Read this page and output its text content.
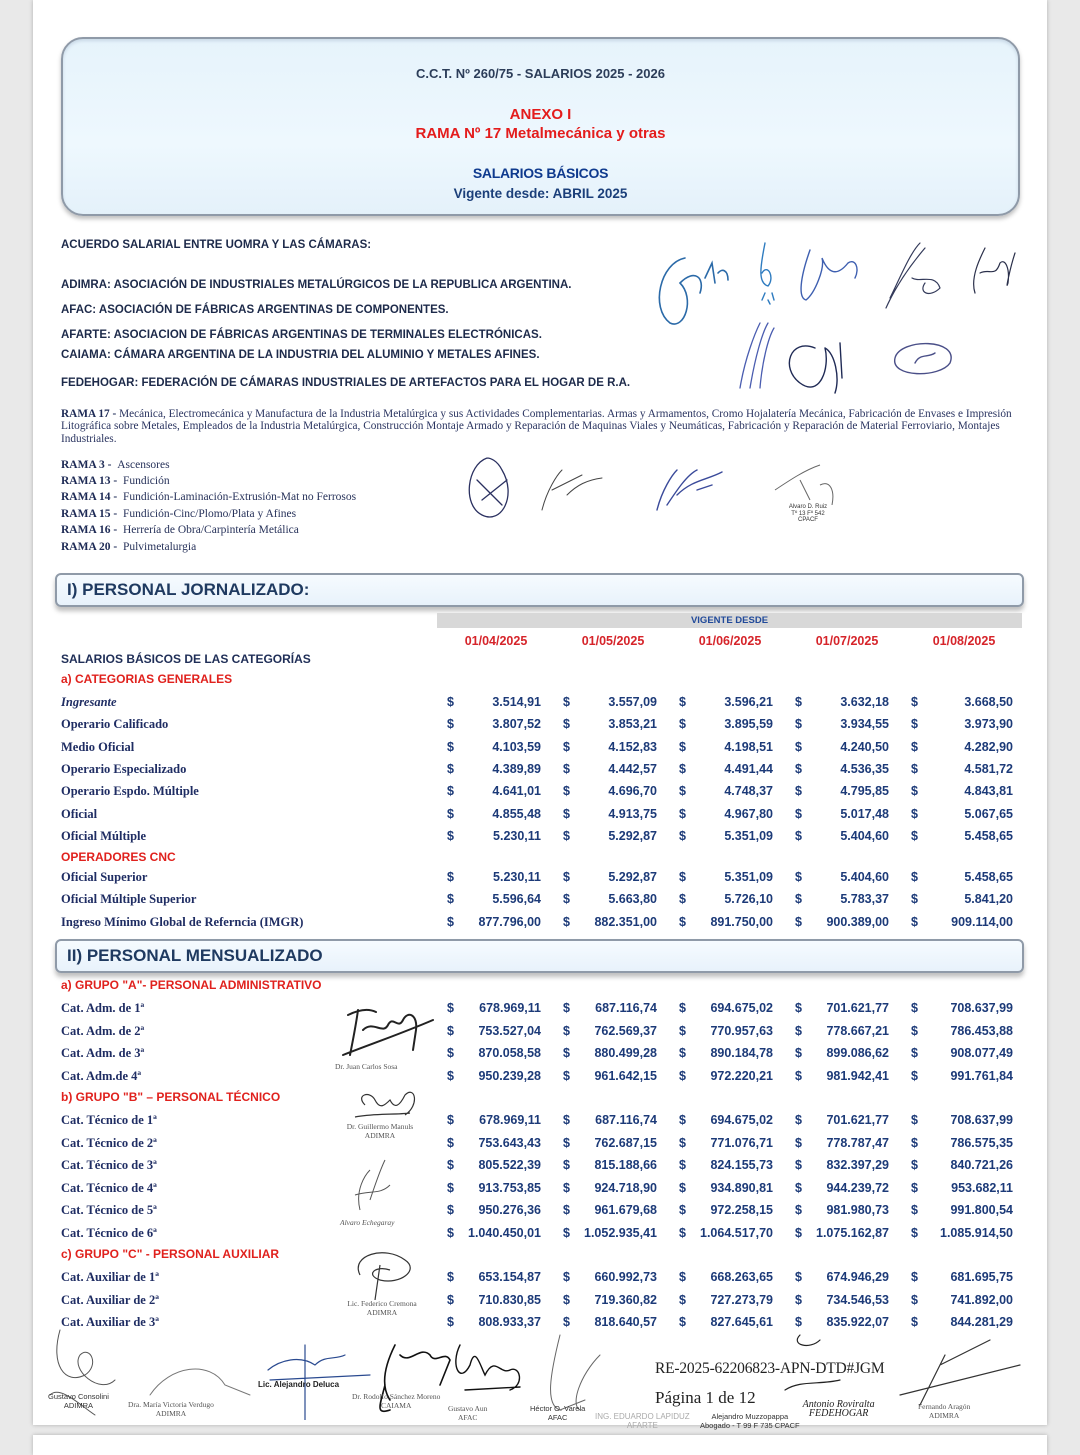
C.C.T. Nº 260/75 - SALARIOS 2025 - 2026
ANEXO I
RAMA Nº 17 Metalmecánica y otras
SALARIOS BÁSICOS
Vigente desde: ABRIL 2025
ACUERDO SALARIAL ENTRE UOMRA Y LAS CÁMARAS:
ADIMRA: ASOCIACIÓN DE INDUSTRIALES METALÚRGICOS DE LA REPUBLICA ARGENTINA.
AFAC: ASOCIACIÓN DE FÁBRICAS ARGENTINAS DE COMPONENTES.
AFARTE: ASOCIACION DE FÁBRICAS ARGENTINAS DE TERMINALES ELECTRÓNICAS.
CAIAMA: CÁMARA ARGENTINA DE LA INDUSTRIA DEL ALUMINIO Y METALES AFINES.
FEDEHOGAR: FEDERACIÓN DE CÁMARAS INDUSTRIALES DE ARTEFACTOS PARA EL HOGAR DE R.A.
RAMA 17 - Mecánica, Electromecánica y Manufactura de la Industria Metalúrgica y sus Actividades Complementarias. Armas y Armamentos, Cromo Hojalatería Mecánica, Fabricación de Envases e Impresión Litográfica sobre Metales, Empleados de la Industria Metalúrgica, Construcción Montaje Armado y Reparación de Maquinas Viales y Neumáticas, Fabricación y Reparación de Material Ferroviario, Montajes Industriales.
RAMA 3 - Ascensores
RAMA 13 - Fundición
RAMA 14 - Fundición-Laminación-Extrusión-Mat no Ferrosos
RAMA 15 - Fundición-Cinc/Plomo/Plata y Afines
RAMA 16 - Herrería de Obra/Carpintería Metálica
RAMA 20 - Pulvimetalurgia
Alvaro D. Ruiz
Tº 13 Fº 542
CPACF
I) PERSONAL JORNALIZADO:
VIGENTE DESDE
01/04/2025	01/05/2025	01/06/2025	01/07/2025	01/08/2025
SALARIOS BÁSICOS DE LAS CATEGORÍAS
a) CATEGORIAS GENERALES
Ingresante	$	3.514,91 $	3.557,09 $	3.596,21 $	3.632,18 $	3.668,50
Operario Calificado	$	3.807,52 $	3.853,21 $	3.895,59 $	3.934,55 $	3.973,90
Medio Oficial	$	4.103,59 $	4.152,83 $	4.198,51 $	4.240,50 $	4.282,90
Operario Especializado	$	4.389,89 $	4.442,57 $	4.491,44 $	4.536,35 $	4.581,72
Operario Espdo. Múltiple	$	4.641,01 $	4.696,70 $	4.748,37 $	4.795,85 $	4.843,81
Oficial	$	4.855,48 $	4.913,75 $	4.967,80 $	5.017,48 $	5.067,65
Oficial Múltiple	$	5.230,11 $	5.292,87 $	5.351,09 $	5.404,60 $	5.458,65
OPERADORES CNC
Oficial Superior	$	5.230,11 $	5.292,87 $	5.351,09 $	5.404,60 $	5.458,65
Oficial Múltiple Superior	$	5.596,64 $	5.663,80 $	5.726,10 $	5.783,37 $	5.841,20
Ingreso Mínimo Global de Referncia (IMGR)	$	877.796,00 $	882.351,00 $	891.750,00 $	900.389,00 $	909.114,00
II) PERSONAL MENSUALIZADO
a) GRUPO "A"- PERSONAL ADMINISTRATIVO
Cat. Adm. de 1ª	$	678.969,11 $	687.116,74 $	694.675,02 $	701.621,77 $	708.637,99
Cat. Adm. de 2ª	$	753.527,04 $	762.569,37 $	770.957,63 $	778.667,21 $	786.453,88
Cat. Adm. de 3ª	$	870.058,58 $	880.499,28 $	890.184,78 $	899.086,62 $	908.077,49
Cat. Adm.de 4ª	$	950.239,28 $	961.642,15 $	972.220,21 $	981.942,41 $	991.761,84
b) GRUPO "B" – PERSONAL TÉCNICO
Cat. Técnico de 1ª	$	678.969,11 $	687.116,74 $	694.675,02 $	701.621,77 $	708.637,99
Cat. Técnico de 2ª	$	753.643,43 $	762.687,15 $	771.076,71 $	778.787,47 $	786.575,35
Cat. Técnico de 3ª	$	805.522,39 $	815.188,66 $	824.155,73 $	832.397,29 $	840.721,26
Cat. Técnico de 4ª	$	913.753,85 $	924.718,90 $	934.890,81 $	944.239,72 $	953.682,11
Cat. Técnico de 5ª	$	950.276,36 $	961.679,68 $	972.258,15 $	981.980,73 $	991.800,54
Cat. Técnico de 6ª	$	1.040.450,01 $	1.052.935,41 $	1.064.517,70 $	1.075.162,87 $	1.085.914,50
c) GRUPO "C" - PERSONAL AUXILIAR
Cat. Auxiliar de 1ª	$	653.154,87 $	660.992,73 $	668.263,65 $	674.946,29 $	681.695,75
Cat. Auxiliar de 2ª	$	710.830,85 $	719.360,82 $	727.273,79 $	734.546,53 $	741.892,00
Cat. Auxiliar de 3ª	$	808.933,37 $	818.640,57 $	827.645,61 $	835.922,07 $	844.281,29
Dr. Juan Carlos Sosa
Dr. Guillermo Manuls
ADIMRA
Alvaro Echegaray
Lic. Federico Cremona
ADIMRA
RE-2025-62206823-APN-DTD#JGM
Gustavo Consolini
ADIMRA	Dra. María Victoria Verdugo
ADIMRA
Lic. Alejandro Deluca
Dr. Rodolfo Sánchez Moreno
CAIAMA	Gustavo Aun
AFAC
Héctor O. Varela
AFAC	ING. EDUARDO LAPIDUZ
AFARTE
Alejandro Muzzopappa
Abogado - T 99 F 735 CPACF
Antonio Roviralta
FEDEHOGAR
Fernando Aragón
ADIMRA
Página 1 de 12
